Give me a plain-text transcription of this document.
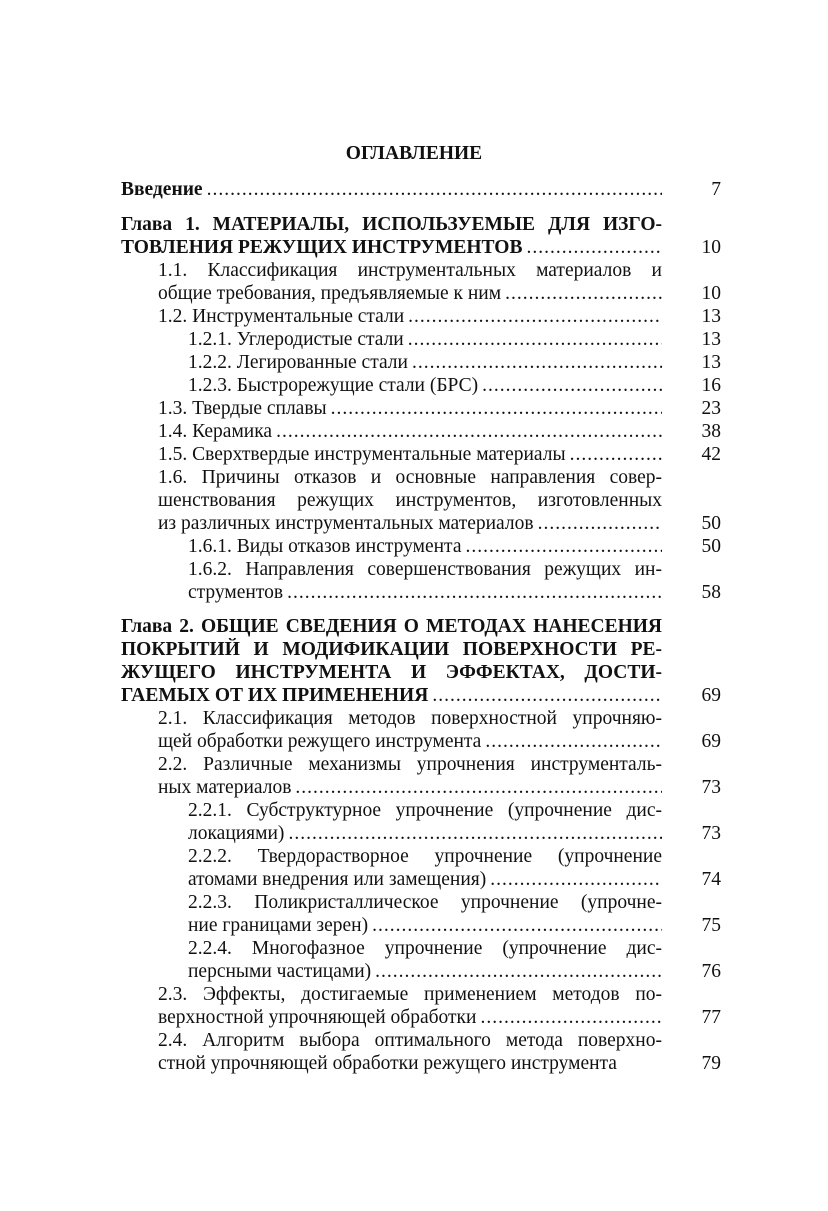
ОГЛАВЛЕНИЕ
Введение .....	7
Глава 1. МАТЕРИАЛЫ, ИСПОЛЬЗУЕМЫЕ ДЛЯ ИЗГО-
ТОВЛЕНИЯ РЕЖУЩИХ ИНСТРУМЕНТОВ .....	10
1.1. Классификация инструментальных материалов и
общие требования, предъявляемые к ним .....	10
1.2. Инструментальные стали .....	13
1.2.1. Углеродистые стали .....	13
1.2.2. Легированные стали .....	13
1.2.3. Быстрорежущие стали (БРС) .....	16
1.3. Твердые сплавы .....	23
1.4. Керамика .....	38
1.5. Сверхтвердые инструментальные материалы .....	42
1.6. Причины отказов и основные направления совер-
шенствования режущих инструментов, изготовленных
из различных инструментальных материалов .....	50
1.6.1. Виды отказов инструмента .....	50
1.6.2. Направления совершенствования режущих ин-
струментов .....	58
Глава 2. ОБЩИЕ СВЕДЕНИЯ О МЕТОДАХ НАНЕСЕНИЯ
ПОКРЫТИЙ И МОДИФИКАЦИИ ПОВЕРХНОСТИ РЕ-
ЖУЩЕГО ИНСТРУМЕНТА И ЭФФЕКТАХ, ДОСТИ-
ГАЕМЫХ ОТ ИХ ПРИМЕНЕНИЯ .....	69
2.1. Классификация методов поверхностной упрочняю-
щей обработки режущего инструмента .....	69
2.2. Различные механизмы упрочнения инструменталь-
ных материалов .....	73
2.2.1. Субструктурное упрочнение (упрочнение дис-
локациями) .....	73
2.2.2. Твердорастворное упрочнение (упрочнение
атомами внедрения или замещения) .....	74
2.2.3. Поликристаллическое упрочнение (упрочне-
ние границами зерен) .....	75
2.2.4. Многофазное упрочнение (упрочнение дис-
персными частицами) .....	76
2.3. Эффекты, достигаемые применением методов по-
верхностной упрочняющей обработки .....	77
2.4. Алгоритм выбора оптимального метода поверхно-
стной упрочняющей обработки режущего инструмента	79
